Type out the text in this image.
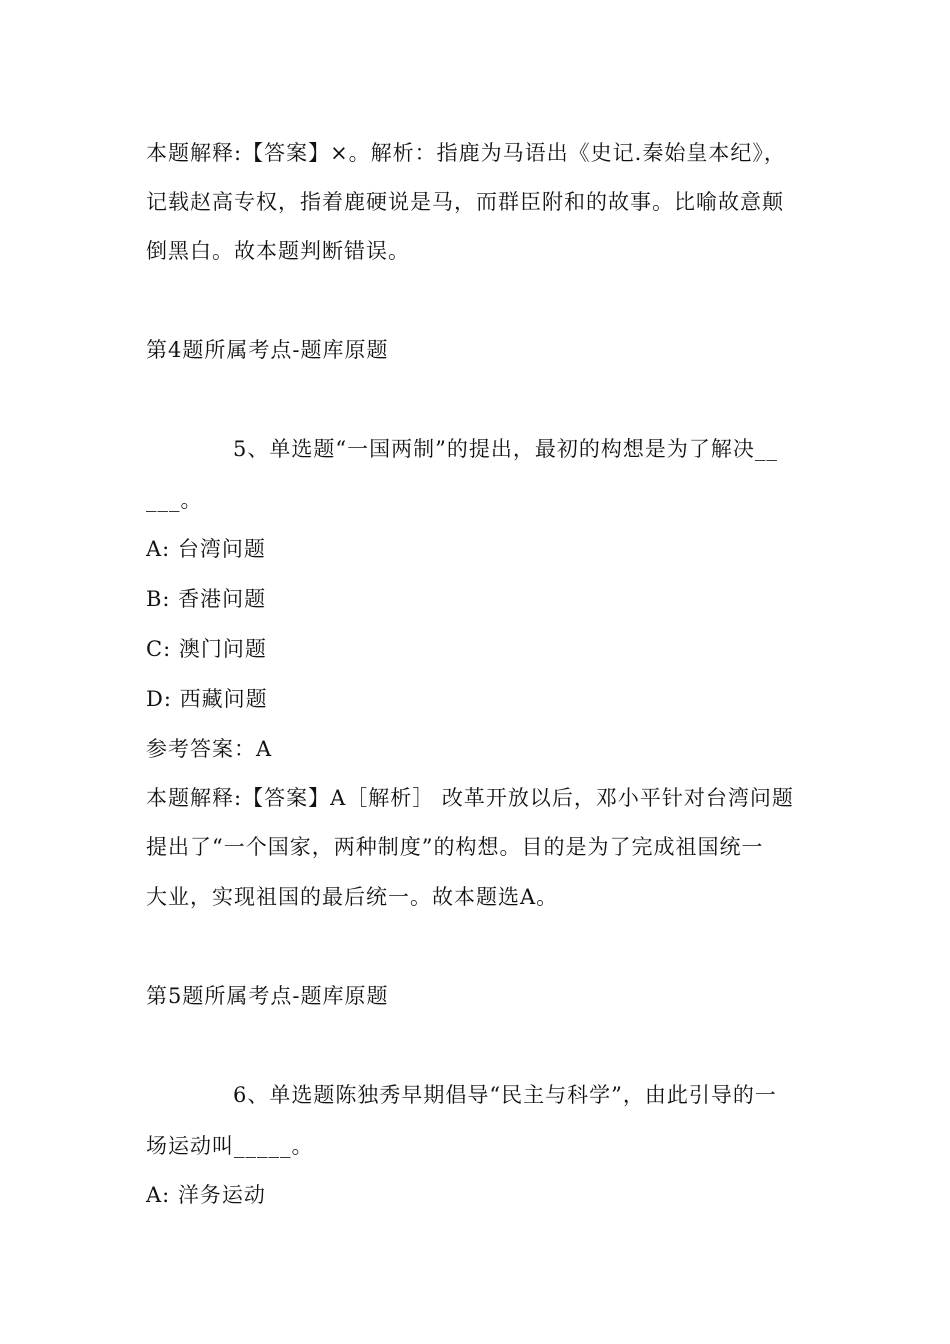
本题解释:【答案】×。解析：指鹿为马语出《史记.秦始皇本纪》，
记载赵高专权，指着鹿硬说是马，而群臣附和的故事。比喻故意颠
倒黑白。故本题判断错误。
第4题所属考点-题库原题
5、单选题“一国两制”的提出，最初的构想是为了解决__
___。
A: 台湾问题
B: 香港问题
C: 澳门问题
D: 西藏问题
参考答案：A
本题解释:【答案】A［解析］ 改革开放以后，邓小平针对台湾问题
提出了“一个国家，两种制度”的构想。目的是为了完成祖国统一
大业，实现祖国的最后统一。故本题选A。
第5题所属考点-题库原题
6、单选题陈独秀早期倡导“民主与科学”，由此引导的一
场运动叫_____。
A: 洋务运动
